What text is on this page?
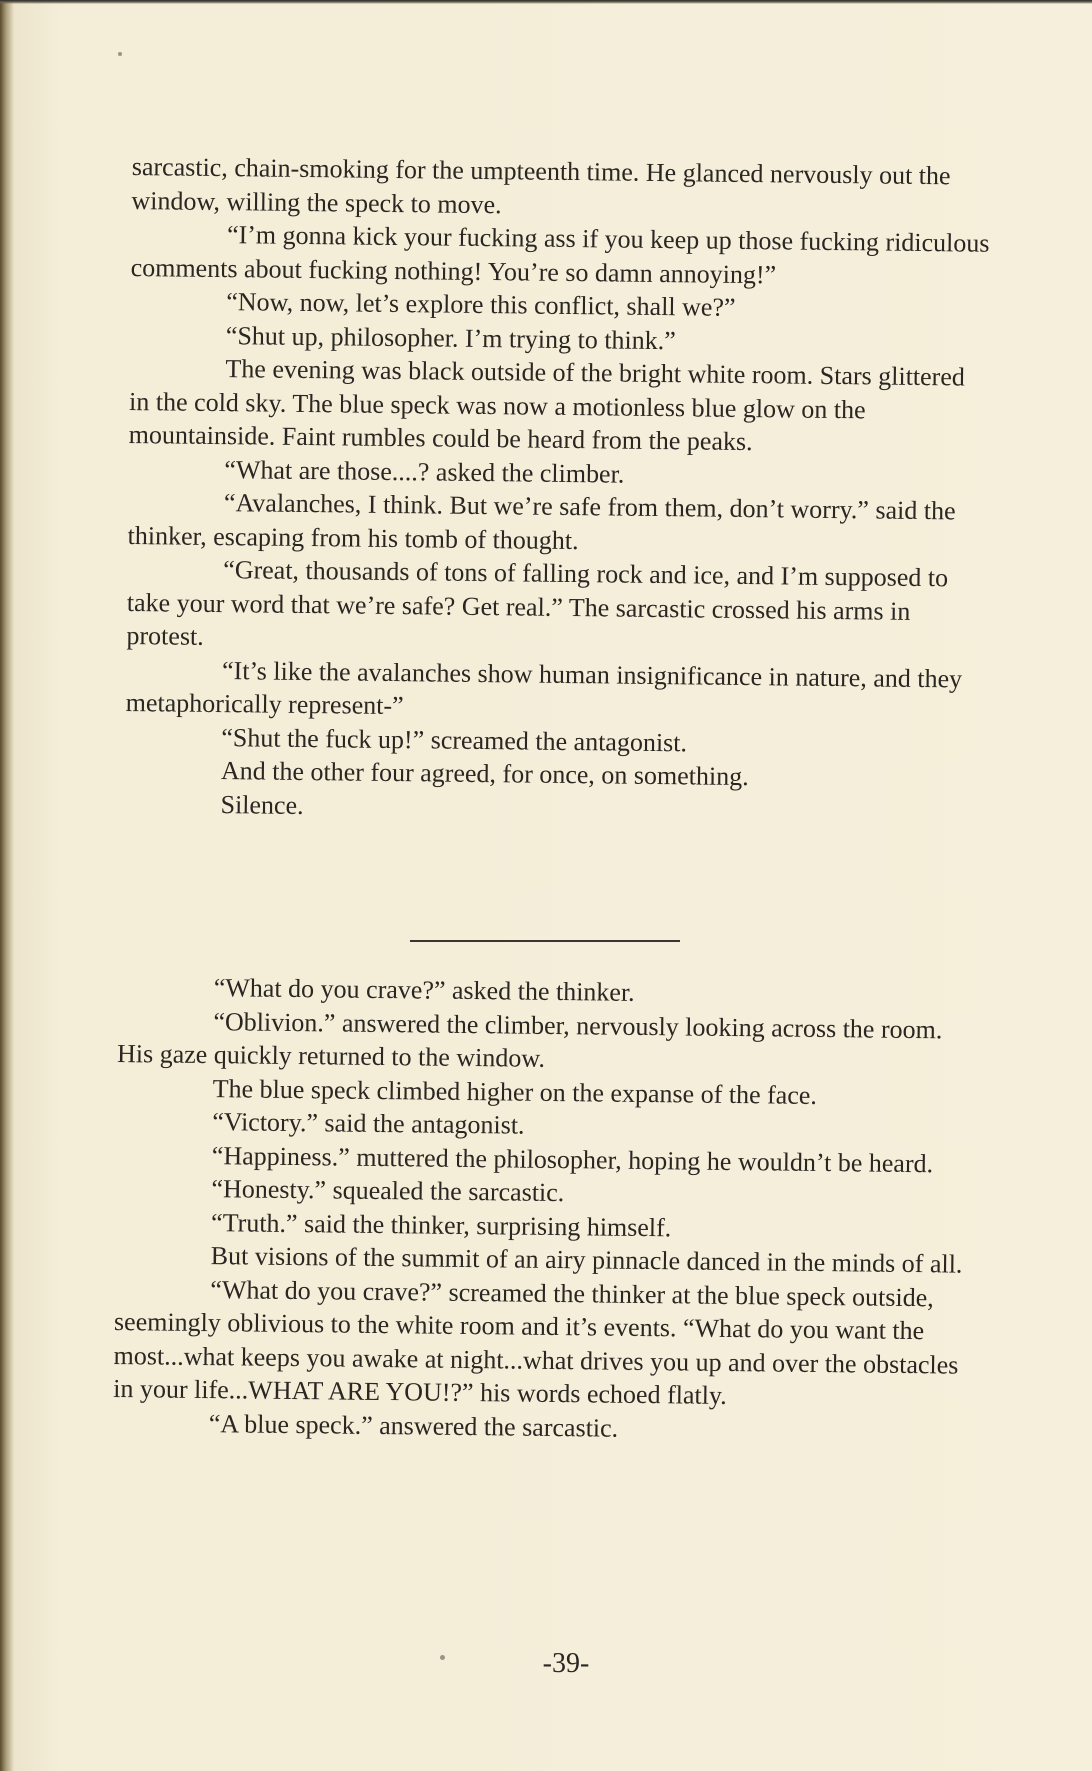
sarcastic, chain-smoking for the umpteenth time. He glanced nervously out the window, willing the speck to move.

“I’m gonna kick your fucking ass if you keep up those fucking ridiculous comments about fucking nothing! You’re so damn annoying!”

“Now, now, let’s explore this conflict, shall we?”

“Shut up, philosopher. I’m trying to think.”

The evening was black outside of the bright white room. Stars glittered in the cold sky. The blue speck was now a motionless blue glow on the mountainside. Faint rumbles could be heard from the peaks.

“What are those....? asked the climber.

“Avalanches, I think. But we’re safe from them, don’t worry.” said the thinker, escaping from his tomb of thought.

“Great, thousands of tons of falling rock and ice, and I’m supposed to take your word that we’re safe? Get real.” The sarcastic crossed his arms in protest.

“It’s like the avalanches show human insignificance in nature, and they metaphorically represent-”

“Shut the fuck up!” screamed the antagonist.

And the other four agreed, for once, on something.

Silence.

“What do you crave?” asked the thinker.

“Oblivion.” answered the climber, nervously looking across the room. His gaze quickly returned to the window.

The blue speck climbed higher on the expanse of the face.

“Victory.” said the antagonist.

“Happiness.” muttered the philosopher, hoping he wouldn’t be heard.

“Honesty.” squealed the sarcastic.

“Truth.” said the thinker, surprising himself.

But visions of the summit of an airy pinnacle danced in the minds of all.

“What do you crave?” screamed the thinker at the blue speck outside, seemingly oblivious to the white room and it’s events. “What do you want the most...what keeps you awake at night...what drives you up and over the obstacles in your life...WHAT ARE YOU!?” his words echoed flatly.

“A blue speck.” answered the sarcastic.

-39-
